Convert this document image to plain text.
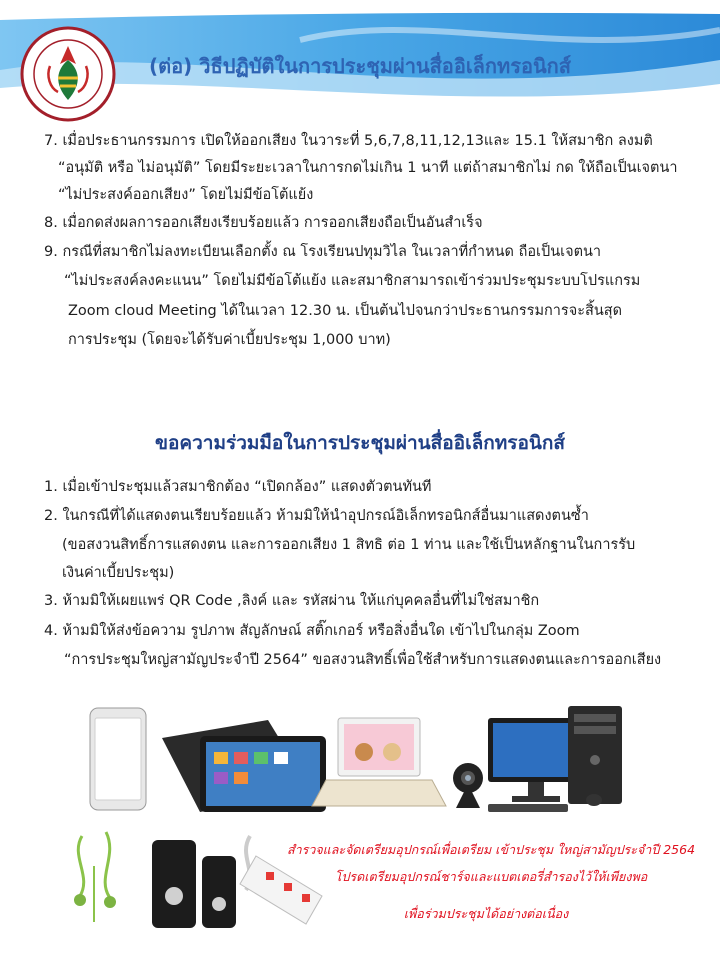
(ต่อ) วิธีปฏิบัติในการประชุมผ่านสื่ออิเล็กทรอนิกส์
7. เมื่อประธานกรรมการ เปิดให้ออกเสียง ในวาระที่ 5,6,7,8,11,12,13และ 15.1 ให้สมาชิก ลงมติ
“อนุมัติ หรือ ไม่อนุมัติ” โดยมีระยะเวลาในการกดไม่เกิน 1 นาที แต่ถ้าสมาชิกไม่ กด ให้ถือเป็นเจตนา
“ไม่ประสงค์ออกเสียง” โดยไม่มีข้อโต้แย้ง
8. เมื่อกดส่งผลการออกเสียงเรียบร้อยแล้ว การออกเสียงถือเป็นอันสำเร็จ
9. กรณีที่สมาชิกไม่ลงทะเบียนเลือกตั้ง ณ โรงเรียนปทุมวิไล ในเวลาที่กำหนด ถือเป็นเจตนา
“ไม่ประสงค์ลงคะแนน” โดยไม่มีข้อโต้แย้ง และสมาชิกสามารถเข้าร่วมประชุมระบบโปรแกรม
Zoom cloud Meeting ได้ในเวลา 12.30 น. เป็นต้นไปจนกว่าประธานกรรมการจะสิ้นสุด
การประชุม (โดยจะได้รับค่าเบี้ยประชุม 1,000 บาท)
ขอความร่วมมือในการประชุมผ่านสื่ออิเล็กทรอนิกส์
1. เมื่อเข้าประชุมแล้วสมาชิกต้อง “เปิดกล้อง” แสดงตัวตนทันที
2. ในกรณีที่ได้แสดงตนเรียบร้อยแล้ว ห้ามมิให้นำอุปกรณ์อิเล็กทรอนิกส์อื่นมาแสดงตนซ้ำ
(ขอสงวนสิทธิ์การแสดงตน และการออกเสียง 1 สิทธิ ต่อ 1 ท่าน และใช้เป็นหลักฐานในการรับ
เงินค่าเบี้ยประชุม)
3. ห้ามมิให้เผยแพร่ QR Code ,ลิงค์ และ รหัสผ่าน ให้แก่บุคคลอื่นที่ไม่ใช่สมาชิก
4. ห้ามมิให้ส่งข้อความ รูปภาพ สัญลักษณ์ สติ๊กเกอร์ หรือสิ่งอื่นใด เข้าไปในกลุ่ม Zoom
“การประชุมใหญ่สามัญประจำปี 2564” ขอสงวนสิทธิ์เพื่อใช้สำหรับการแสดงตนและการออกเสียง
สำรวจและจัดเตรียมอุปกรณ์เพื่อเตรียม เข้าประชุม ใหญ่สามัญประจำปี 2564
โปรดเตรียมอุปกรณ์ชาร์จและแบตเตอรี่สำรองไว้ให้เพียงพอ
เพื่อร่วมประชุมได้อย่างต่อเนื่อง
